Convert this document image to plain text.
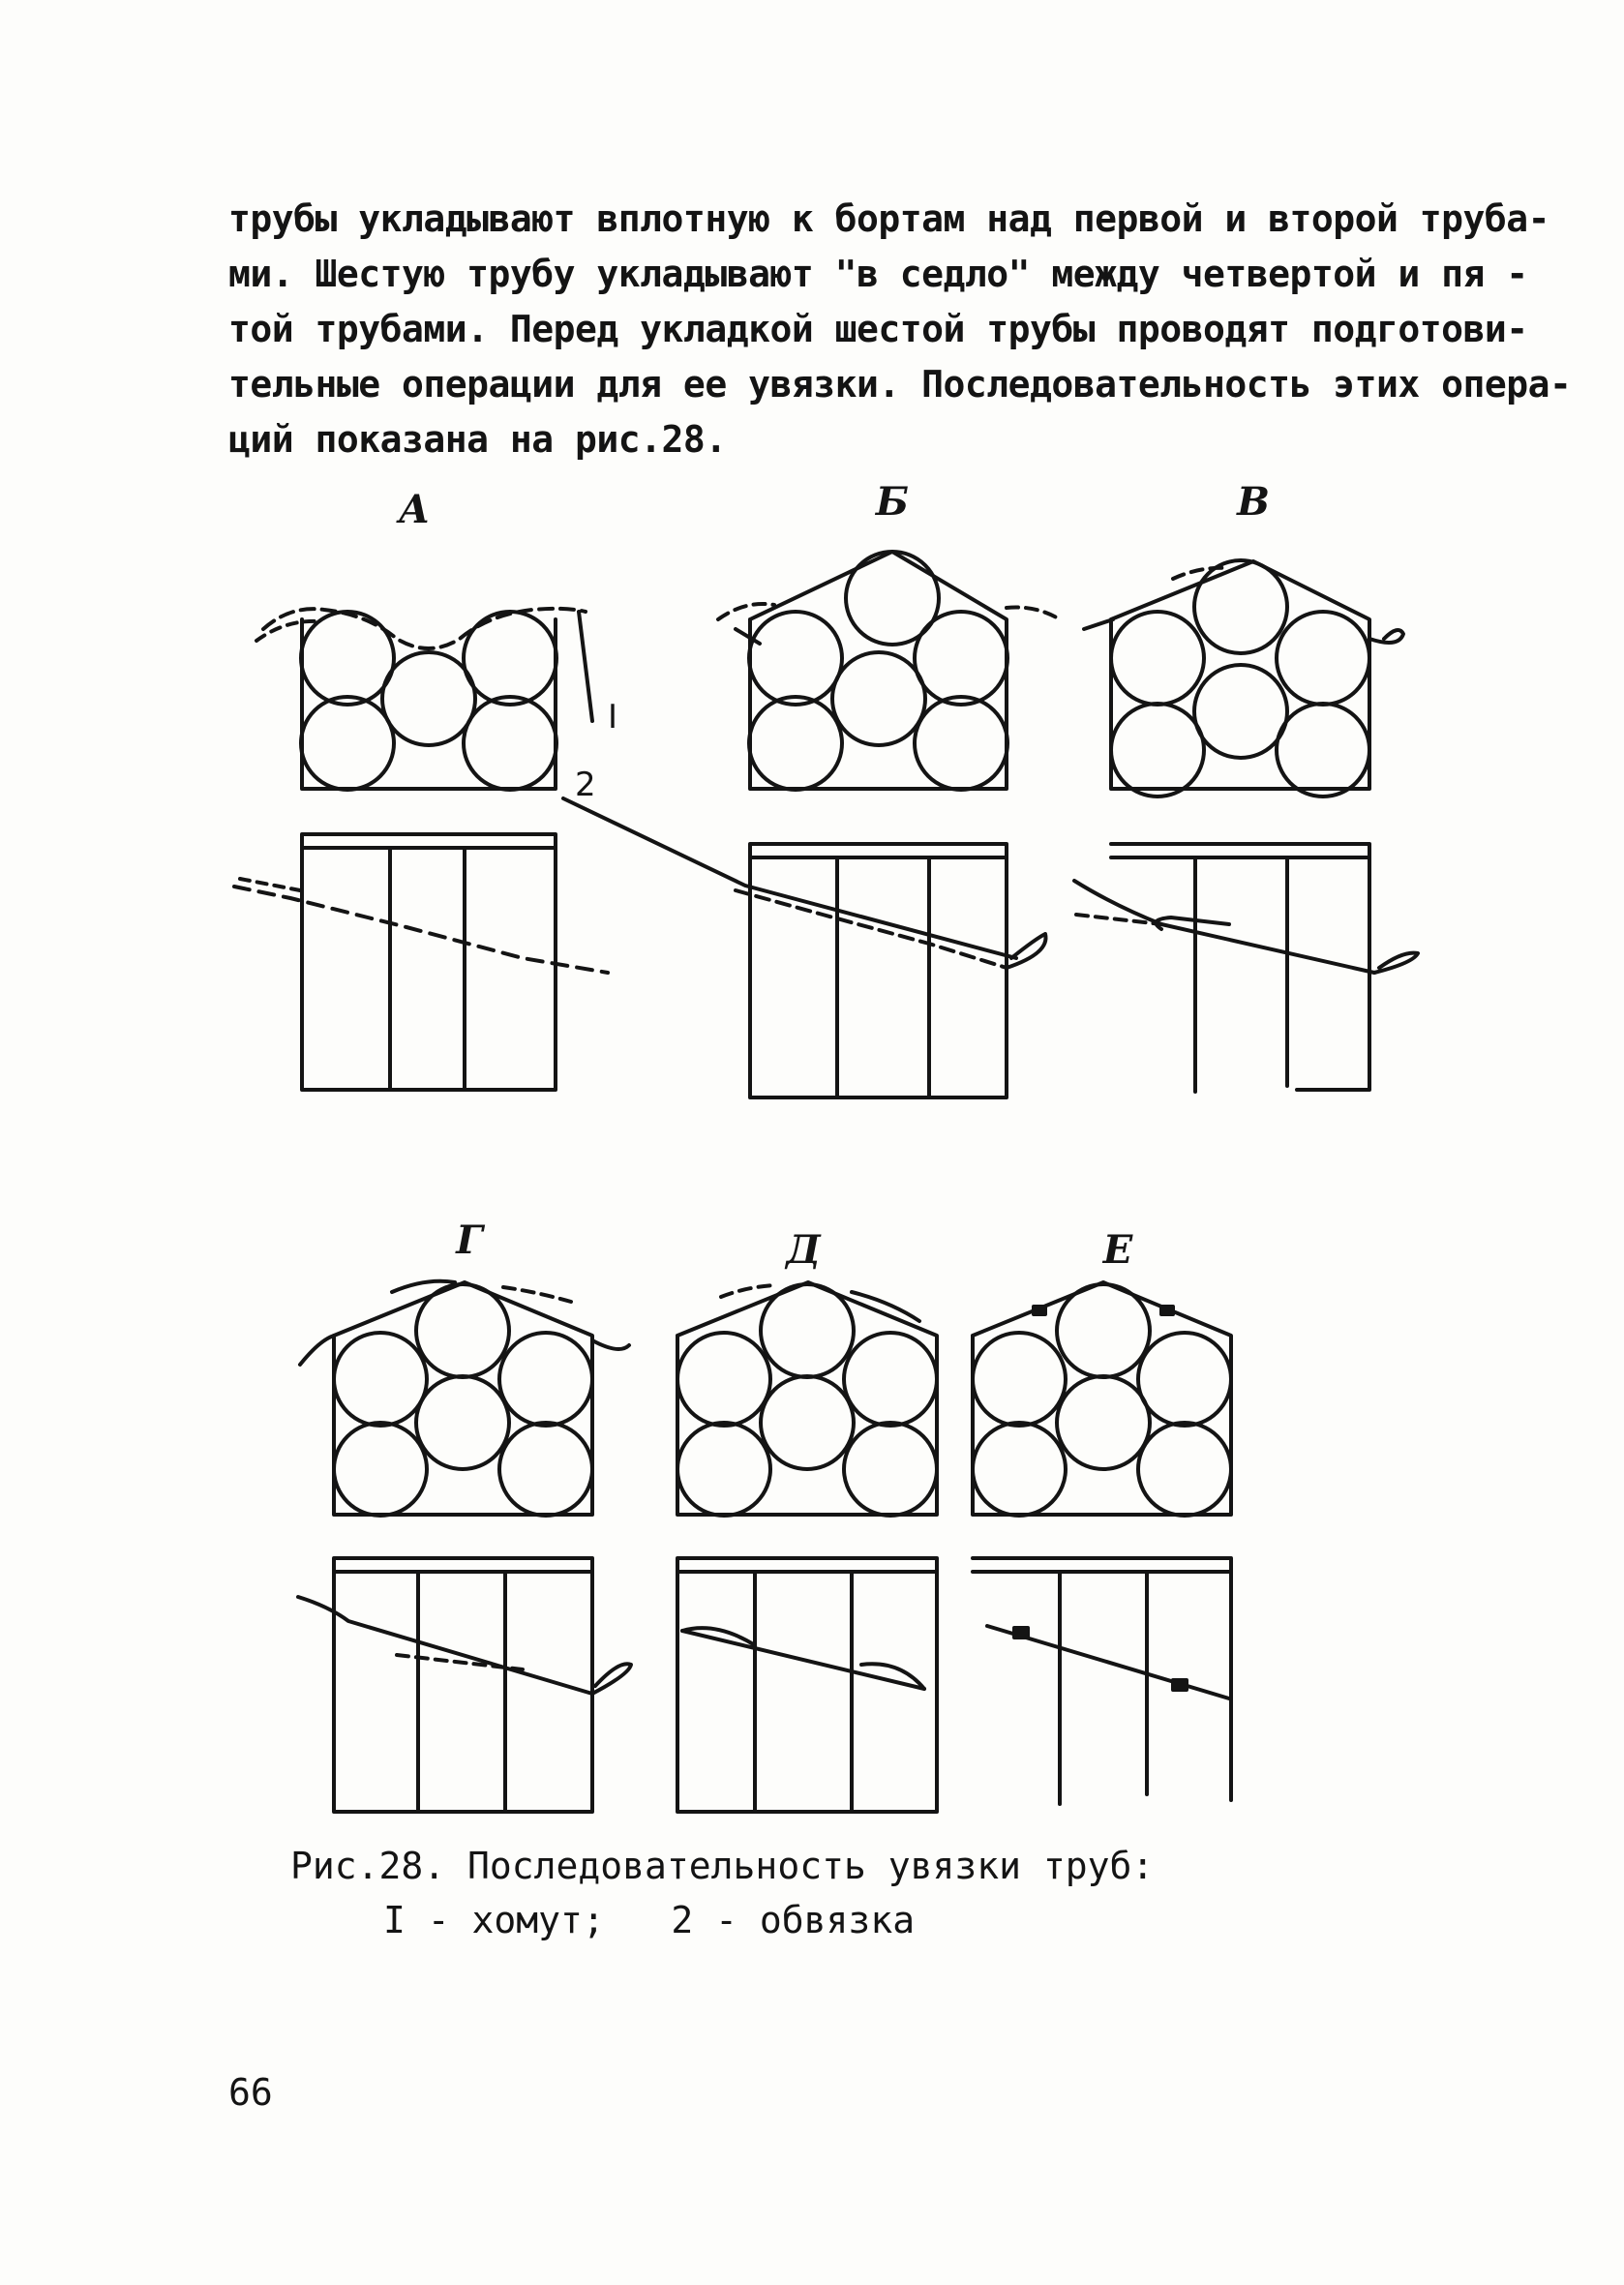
трубы укладывают вплотную к бортам над первой и второй труба-
ми. Шестую трубу укладывают "в седло" между четвертой и пя -
той трубами. Перед укладкой шестой трубы проводят подготови-
тельные операции для ее увязки. Последовательность этих опера-
ций показана на рис.28.
А
I
2
Б	В
Г	Д	Е
Рис.28. Последовательность увязки труб:
I - хомут;   2 - обвязка
66
